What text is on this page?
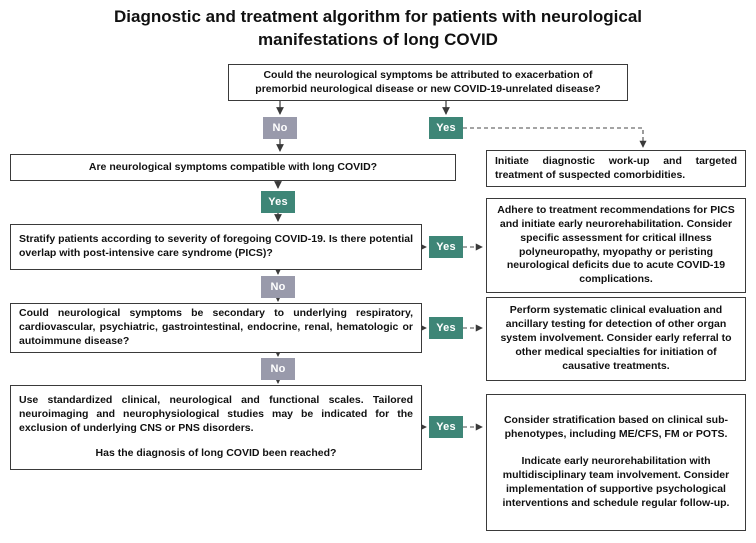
Diagnostic and treatment algorithm for patients with neurological manifestations of long COVID
Could the neurological symptoms be attributed to exacerbation of premorbid neurological disease or new COVID-19-unrelated disease?
Are neurological symptoms compatible with long COVID?
Stratify patients according to severity of foregoing COVID-19. Is there potential overlap with post-intensive care syndrome (PICS)?
Could neurological symptoms be secondary to underlying respiratory, cardiovascular, psychiatric, gastrointestinal, endocrine, renal, hematologic or autoimmune disease?
Use standardized clinical, neurological and functional scales. Tailored neuroimaging and neurophysiological studies may be indicated for the exclusion of underlying CNS or PNS disorders.
Has the diagnosis of long COVID been reached?
Initiate diagnostic work-up and targeted treatment of suspected comorbidities.
Adhere to treatment recommendations for PICS and initiate early neurorehabilitation. Consider specific assessment for critical illness polyneuropathy, myopathy or peristing neurological deficits due to acute COVID-19 complications.
Perform systematic clinical evaluation and ancillary testing for detection of other organ system involvement. Consider early referral to other medical specialties for initiation of causative treatments.
Consider stratification based on clinical sub-phenotypes, including ME/CFS, FM or POTS.
Indicate early neurorehabilitation with multidisciplinary team involvement. Consider implementation of supportive psychological interventions and schedule regular follow-up.
No	Yes
Yes
Yes
No
Yes
No
Yes
